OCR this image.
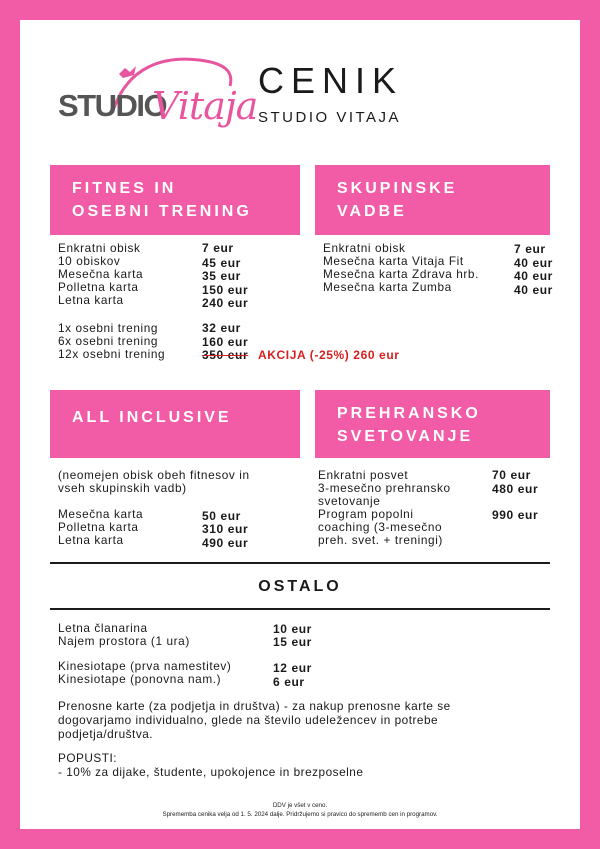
STUDIO
Vitaja
CENIK
STUDIO VITAJA
FITNES IN
OSEBNI TRENING
SKUPINSKE
VADBE
Enkratni obisk	7 eur
10 obiskov	45 eur
Mesečna karta	35 eur
Polletna karta	150 eur
Letna karta	240 eur
1x osebni trening	32 eur
6x osebni trening	160 eur
12x osebni trening	350 eur AKCIJA (-25%) 260 eur
Enkratni obisk	7 eur
Mesečna karta Vitaja Fit	40 eur
Mesečna karta Zdrava hrb.	40 eur
Mesečna karta Zumba	40 eur
ALL INCLUSIVE	PREHRANSKO
SVETOVANJE
(neomejen obisk obeh fitnesov in
vseh skupinskih vadb)
Mesečna karta	50 eur
Polletna karta	310 eur
Letna karta	490 eur
Enkratni posvet	70 eur
3-mesečno prehransko
svetovanje
480 eur
Program popolni
coaching (3-mesečno
preh. svet. + treningi)
990 eur
OSTALO
Letna članarina	10 eur
Najem prostora (1 ura)	15 eur
Kinesiotape (prva namestitev)	12 eur
Kinesiotape (ponovna nam.)	6 eur
Prenosne karte (za podjetja in društva) - za nakup prenosne karte se
dogovarjamo individualno, glede na število udeležencev in potrebe
podjetja/društva.
POPUSTI:
- 10% za dijake, študente, upokojence in brezposelne
DDV je všet v ceno.
Sprememba cenika velja od 1. 5. 2024 dalje. Pridržujemo si pravico do sprememb cen in programov.
